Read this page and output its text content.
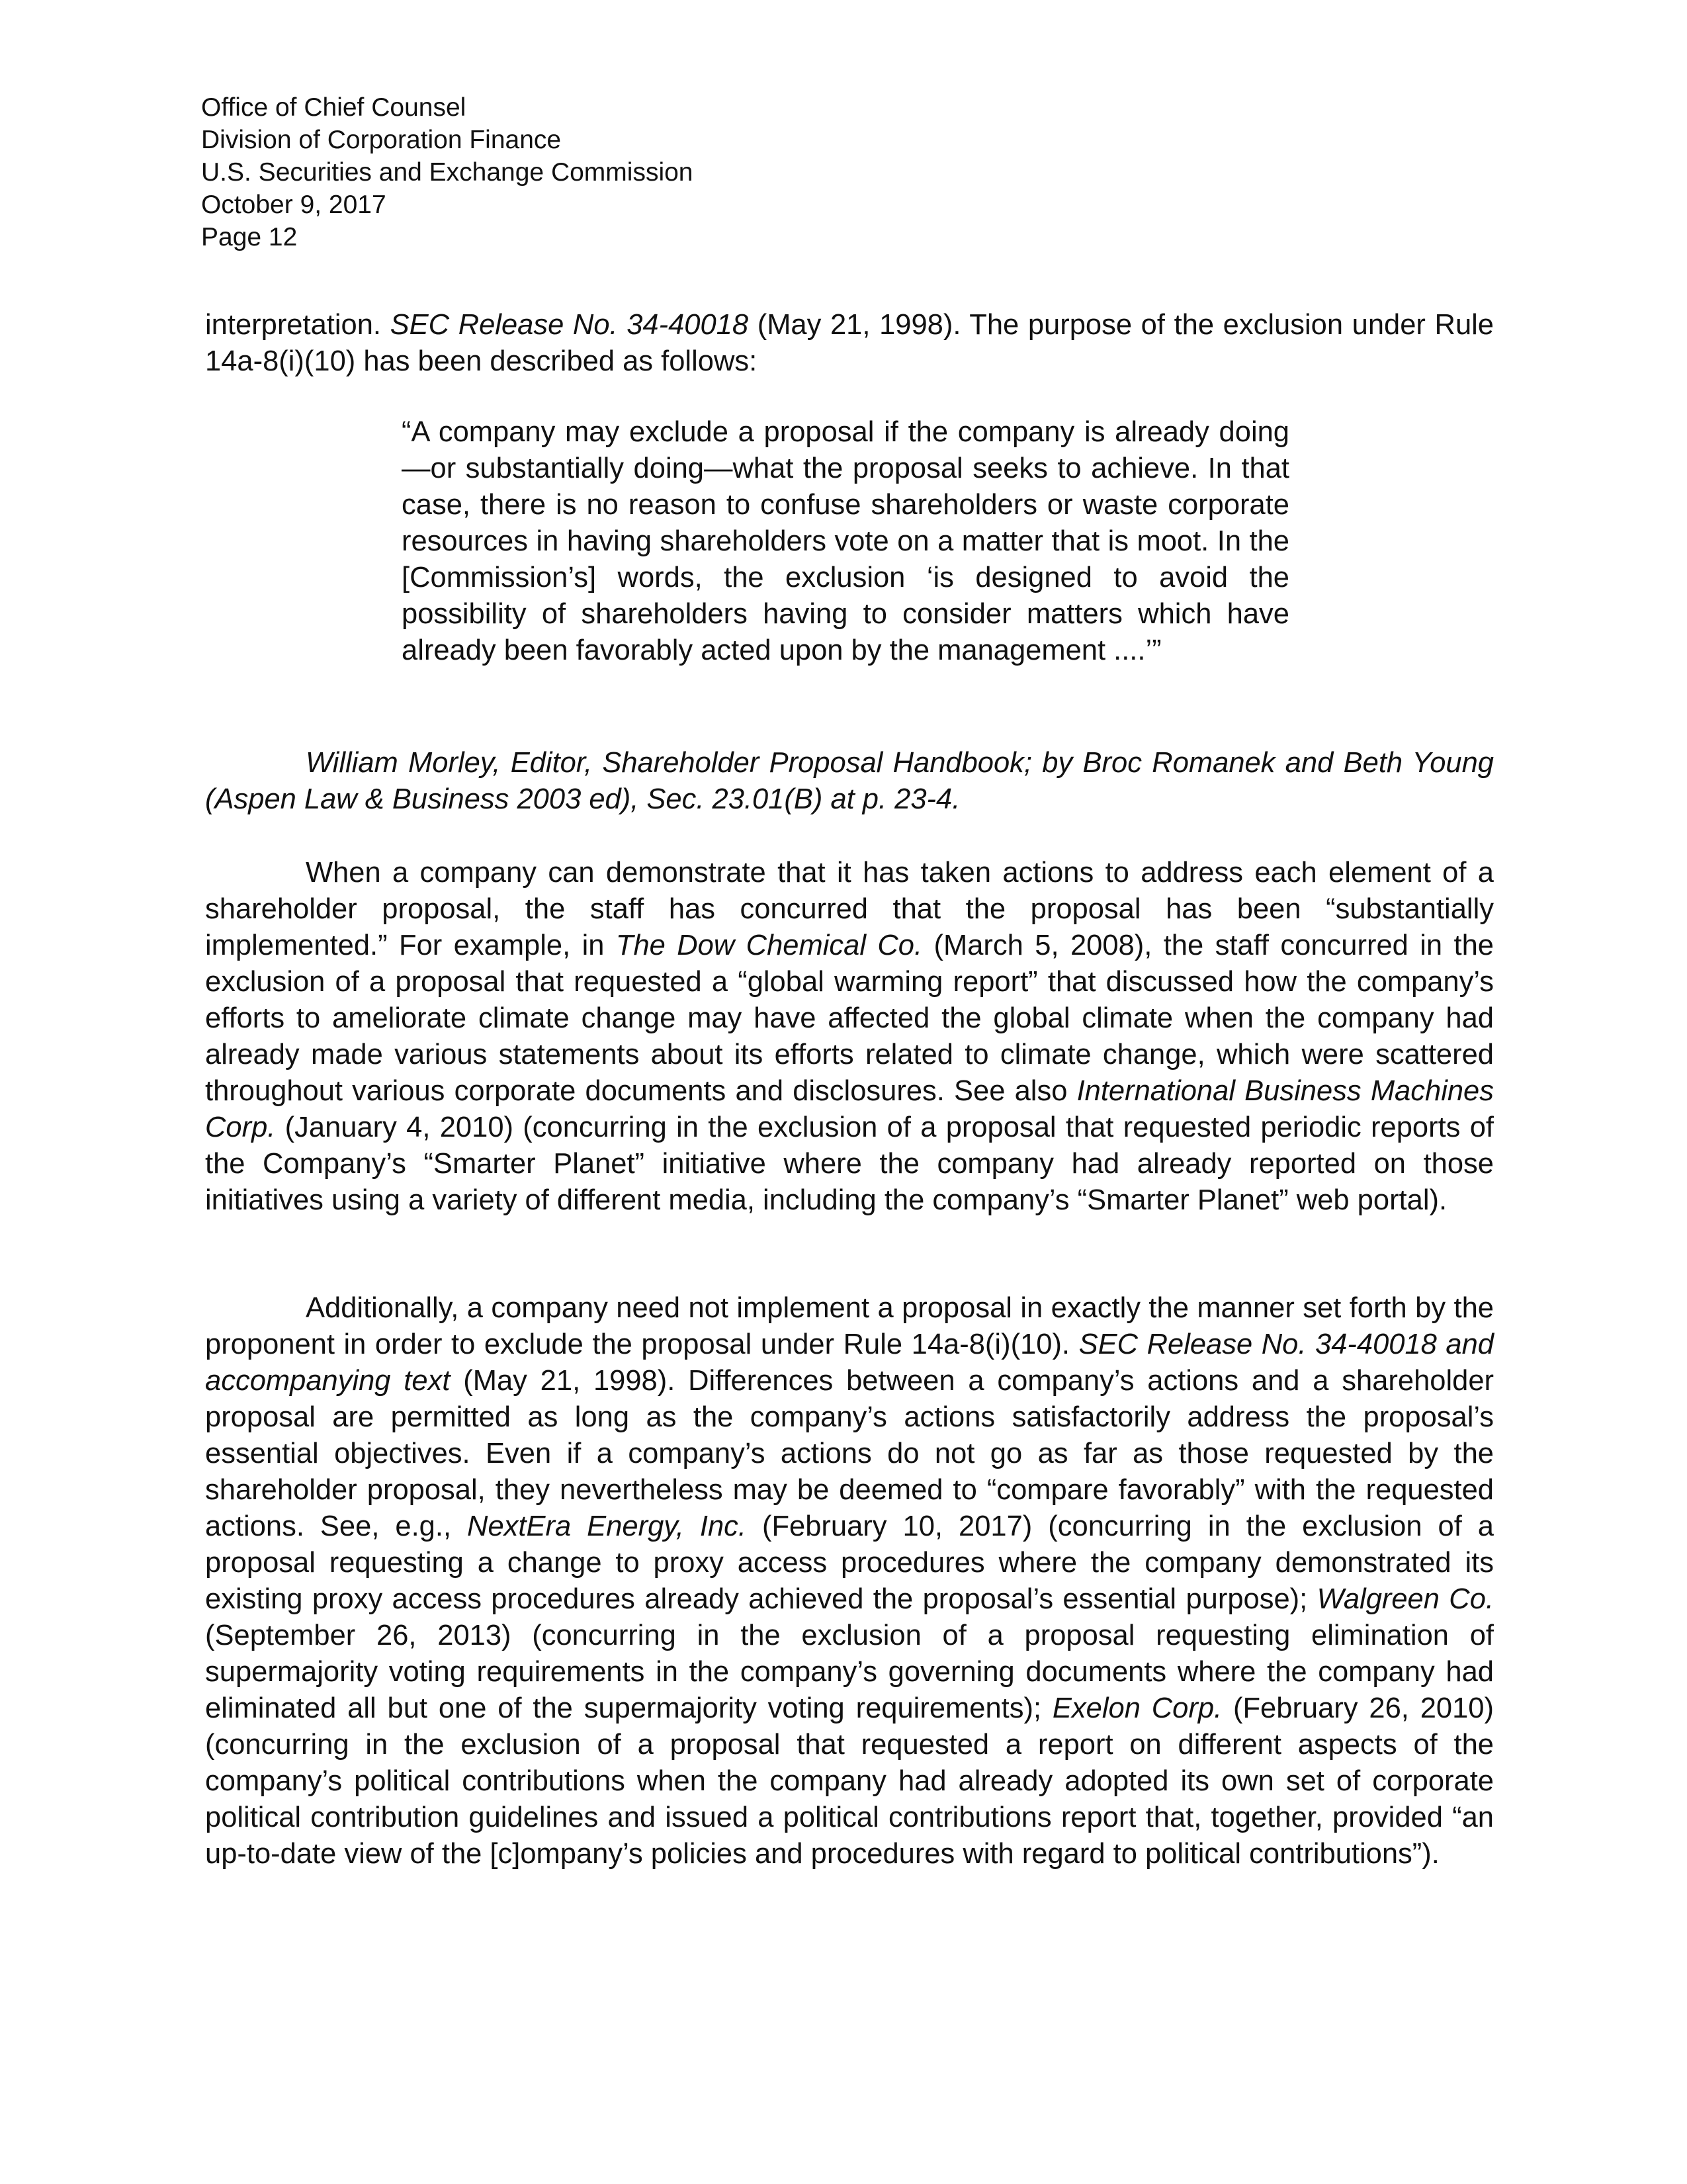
Office of Chief Counsel
Division of Corporation Finance
U.S. Securities and Exchange Commission
October 9, 2017
Page 12
interpretation. SEC Release No. 34-40018 (May 21, 1998). The purpose of the exclusion under Rule 14a-8(i)(10) has been described as follows:
“A company may exclude a proposal if the company is already doing—or substantially doing—what the proposal seeks to achieve. In that case, there is no reason to confuse shareholders or waste corporate resources in having shareholders vote on a matter that is moot. In the [Commission’s] words, the exclusion ‘is designed to avoid the possibility of shareholders having to consider matters which have already been favorably acted upon by the management ....’”
William Morley, Editor, Shareholder Proposal Handbook; by Broc Romanek and Beth Young (Aspen Law & Business 2003 ed), Sec. 23.01(B) at p. 23-4.
When a company can demonstrate that it has taken actions to address each element of a shareholder proposal, the staff has concurred that the proposal has been “substantially implemented.” For example, in The Dow Chemical Co. (March 5, 2008), the staff concurred in the exclusion of a proposal that requested a “global warming report” that discussed how the company’s efforts to ameliorate climate change may have affected the global climate when the company had already made various statements about its efforts related to climate change, which were scattered throughout various corporate documents and disclosures. See also International Business Machines Corp. (January 4, 2010) (concurring in the exclusion of a proposal that requested periodic reports of the Company’s “Smarter Planet” initiative where the company had already reported on those initiatives using a variety of different media, including the company’s “Smarter Planet” web portal).
Additionally, a company need not implement a proposal in exactly the manner set forth by the proponent in order to exclude the proposal under Rule 14a-8(i)(10). SEC Release No. 34-40018 and accompanying text (May 21, 1998). Differences between a company’s actions and a shareholder proposal are permitted as long as the company’s actions satisfactorily address the proposal’s essential objectives. Even if a company’s actions do not go as far as those requested by the shareholder proposal, they nevertheless may be deemed to “compare favorably” with the requested actions. See, e.g., NextEra Energy, Inc. (February 10, 2017) (concurring in the exclusion of a proposal requesting a change to proxy access procedures where the company demonstrated its existing proxy access procedures already achieved the proposal’s essential purpose); Walgreen Co. (September 26, 2013) (concurring in the exclusion of a proposal requesting elimination of supermajority voting requirements in the company’s governing documents where the company had eliminated all but one of the supermajority voting requirements); Exelon Corp. (February 26, 2010) (concurring in the exclusion of a proposal that requested a report on different aspects of the company’s political contributions when the company had already adopted its own set of corporate political contribution guidelines and issued a political contributions report that, together, provided “an up-to-date view of the [c]ompany’s policies and procedures with regard to political contributions”).
